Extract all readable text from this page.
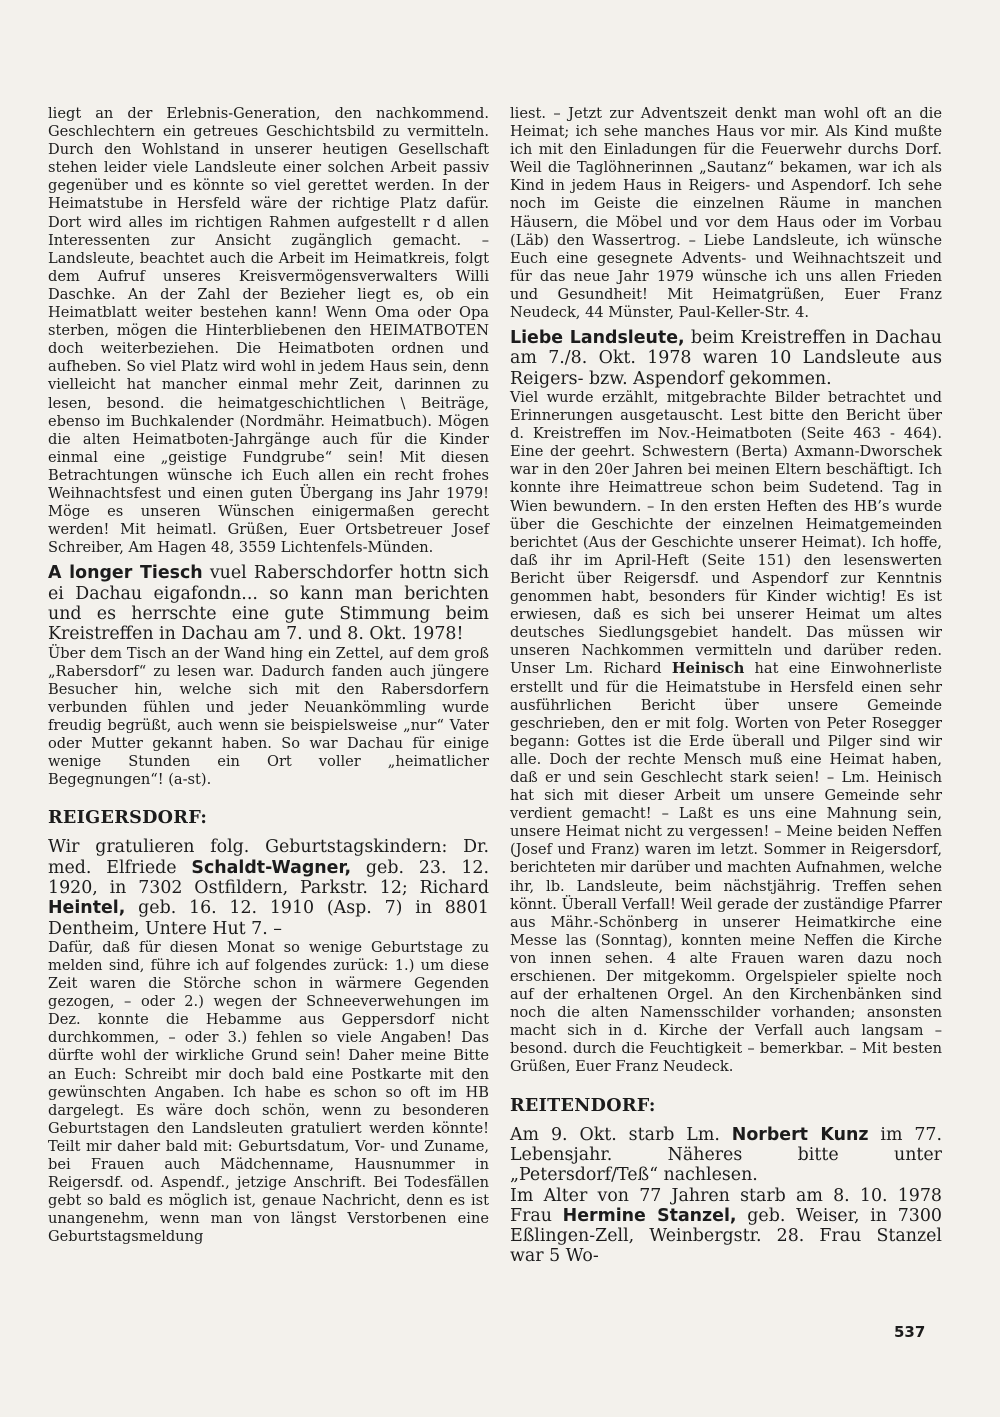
liegt an der Erlebnis-Generation, den nachkommend. Geschlechtern ein getreues Geschichtsbild zu vermitteln. Durch den Wohlstand in unserer heutigen Gesellschaft stehen leider viele Landsleute einer solchen Arbeit passiv gegenüber und es könnte so viel gerettet werden. In der Heimatstube in Hersfeld wäre der richtige Platz dafür. Dort wird alles im richtigen Rahmen aufgestellt r d allen Interessenten zur Ansicht zugänglich gemacht. – Landsleute, beachtet auch die Arbeit im Heimatkreis, folgt dem Aufruf unseres Kreisvermögensverwalters Willi Daschke. An der Zahl der Bezieher liegt es, ob ein Heimatblatt weiter bestehen kann! Wenn Oma oder Opa sterben, mögen die Hinterbliebenen den HEIMATBOTEN doch weiterbeziehen. Die Heimatboten ordnen und aufheben. So viel Platz wird wohl in jedem Haus sein, denn vielleicht hat mancher einmal mehr Zeit, darinnen zu lesen, besond. die heimatgeschichtlichen \ Beiträge, ebenso im Buchkalender (Nordmähr. Heimatbuch). Mögen die alten Heimatboten-Jahrgänge auch für die Kinder einmal eine „geistige Fundgrube“ sein! Mit diesen Betrachtungen wünsche ich Euch allen ein recht frohes Weihnachtsfest und einen guten Übergang ins Jahr 1979! Möge es unseren Wünschen einigermaßen gerecht werden! Mit heimatl. Grüßen, Euer Ortsbetreuer Josef Schreiber, Am Hagen 48, 3559 Lichtenfels-Münden.

A longer Tiesch vuel Raberschdorfer hottn sich ei Dachau eigafondn... so kann man berichten und es herrschte eine gute Stimmung beim Kreistreffen in Dachau am 7. und 8. Okt. 1978!

Über dem Tisch an der Wand hing ein Zettel, auf dem groß „Rabersdorf“ zu lesen war. Dadurch fanden auch jüngere Besucher hin, welche sich mit den Rabersdorfern verbunden fühlen und jeder Neuankömmling wurde freudig begrüßt, auch wenn sie beispielsweise „nur“ Vater oder Mutter gekannt haben. So war Dachau für einige wenige Stunden ein Ort voller „heimatlicher Begegnungen“! (a-st).

REIGERSDORF:

Wir gratulieren folg. Geburtstagskindern: Dr. med. Elfriede Schaldt-Wagner, geb. 23. 12. 1920, in 7302 Ostfildern, Parkstr. 12; Richard Heintel, geb. 16. 12. 1910 (Asp. 7) in 8801 Dentheim, Untere Hut 7. –

Dafür, daß für diesen Monat so wenige Geburtstage zu melden sind, führe ich auf folgendes zurück: 1.) um diese Zeit waren die Störche schon in wärmere Gegenden gezogen, – oder 2.) wegen der Schneeverwehungen im Dez. konnte die Hebamme aus Geppersdorf nicht durchkommen, – oder 3.) fehlen so viele Angaben! Das dürfte wohl der wirkliche Grund sein! Daher meine Bitte an Euch: Schreibt mir doch bald eine Postkarte mit den gewünschten Angaben. Ich habe es schon so oft im HB dargelegt. Es wäre doch schön, wenn zu besonderen Geburtstagen den Landsleuten gratuliert werden könnte! Teilt mir daher bald mit: Geburtsdatum, Vor- und Zuname, bei Frauen auch Mädchenname, Hausnummer in Reigersdf. od. Aspendf., jetzige Anschrift. Bei Todesfällen gebt so bald es möglich ist, genaue Nachricht, denn es ist unangenehm, wenn man von längst Verstorbenen eine Geburtstagsmeldung

liest. – Jetzt zur Adventszeit denkt man wohl oft an die Heimat; ich sehe manches Haus vor mir. Als Kind mußte ich mit den Einladungen für die Feuerwehr durchs Dorf. Weil die Taglöhnerinnen „Sautanz“ bekamen, war ich als Kind in jedem Haus in Reigers- und Aspendorf. Ich sehe noch im Geiste die einzelnen Räume in manchen Häusern, die Möbel und vor dem Haus oder im Vorbau (Läb) den Wassertrog. – Liebe Landsleute, ich wünsche Euch eine gesegnete Advents- und Weihnachtszeit und für das neue Jahr 1979 wünsche ich uns allen Frieden und Gesundheit! Mit Heimatgrüßen, Euer Franz Neudeck, 44 Münster, Paul-Keller-Str. 4.

Liebe Landsleute, beim Kreistreffen in Dachau am 7./8. Okt. 1978 waren 10 Landsleute aus Reigers- bzw. Aspendorf gekommen.

Viel wurde erzählt, mitgebrachte Bilder betrachtet und Erinnerungen ausgetauscht. Lest bitte den Bericht über d. Kreistreffen im Nov.-Heimatboten (Seite 463 - 464). Eine der geehrt. Schwestern (Berta) Axmann-Dworschek war in den 20er Jahren bei meinen Eltern beschäftigt. Ich konnte ihre Heimattreue schon beim Sudetend. Tag in Wien bewundern. – In den ersten Heften des HB’s wurde über die Geschichte der einzelnen Heimatgemeinden berichtet (Aus der Geschichte unserer Heimat). Ich hoffe, daß ihr im April-Heft (Seite 151) den lesenswerten Bericht über Reigersdf. und Aspendorf zur Kenntnis genommen habt, besonders für Kinder wichtig! Es ist erwiesen, daß es sich bei unserer Heimat um altes deutsches Siedlungsgebiet handelt. Das müssen wir unseren Nachkommen vermitteln und darüber reden. Unser Lm. Richard Heinisch hat eine Einwohnerliste erstellt und für die Heimatstube in Hersfeld einen sehr ausführlichen Bericht über unsere Gemeinde geschrieben, den er mit folg. Worten von Peter Rosegger begann: Gottes ist die Erde überall und Pilger sind wir alle. Doch der rechte Mensch muß eine Heimat haben, daß er und sein Geschlecht stark seien! – Lm. Heinisch hat sich mit dieser Arbeit um unsere Gemeinde sehr verdient gemacht! – Laßt es uns eine Mahnung sein, unsere Heimat nicht zu vergessen! – Meine beiden Neffen (Josef und Franz) waren im letzt. Sommer in Reigersdorf, berichteten mir darüber und machten Aufnahmen, welche ihr, lb. Landsleute, beim nächstjährig. Treffen sehen könnt. Überall Verfall! Weil gerade der zuständige Pfarrer aus Mähr.-Schönberg in unserer Heimatkirche eine Messe las (Sonntag), konnten meine Neffen die Kirche von innen sehen. 4 alte Frauen waren dazu noch erschienen. Der mitgekomm. Orgelspieler spielte noch auf der erhaltenen Orgel. An den Kirchenbänken sind noch die alten Namensschilder vorhanden; ansonsten macht sich in d. Kirche der Verfall auch langsam – besond. durch die Feuchtigkeit – bemerkbar. – Mit besten Grüßen, Euer Franz Neudeck.

REITENDORF:

Am 9. Okt. starb Lm. Norbert Kunz im 77. Lebensjahr. Näheres bitte unter „Petersdorf/Teß“ nachlesen.

Im Alter von 77 Jahren starb am 8. 10. 1978 Frau Hermine Stanzel, geb. Weiser, in 7300 Eßlingen-Zell, Weinbergstr. 28. Frau Stanzel war 5 Wo-

537
